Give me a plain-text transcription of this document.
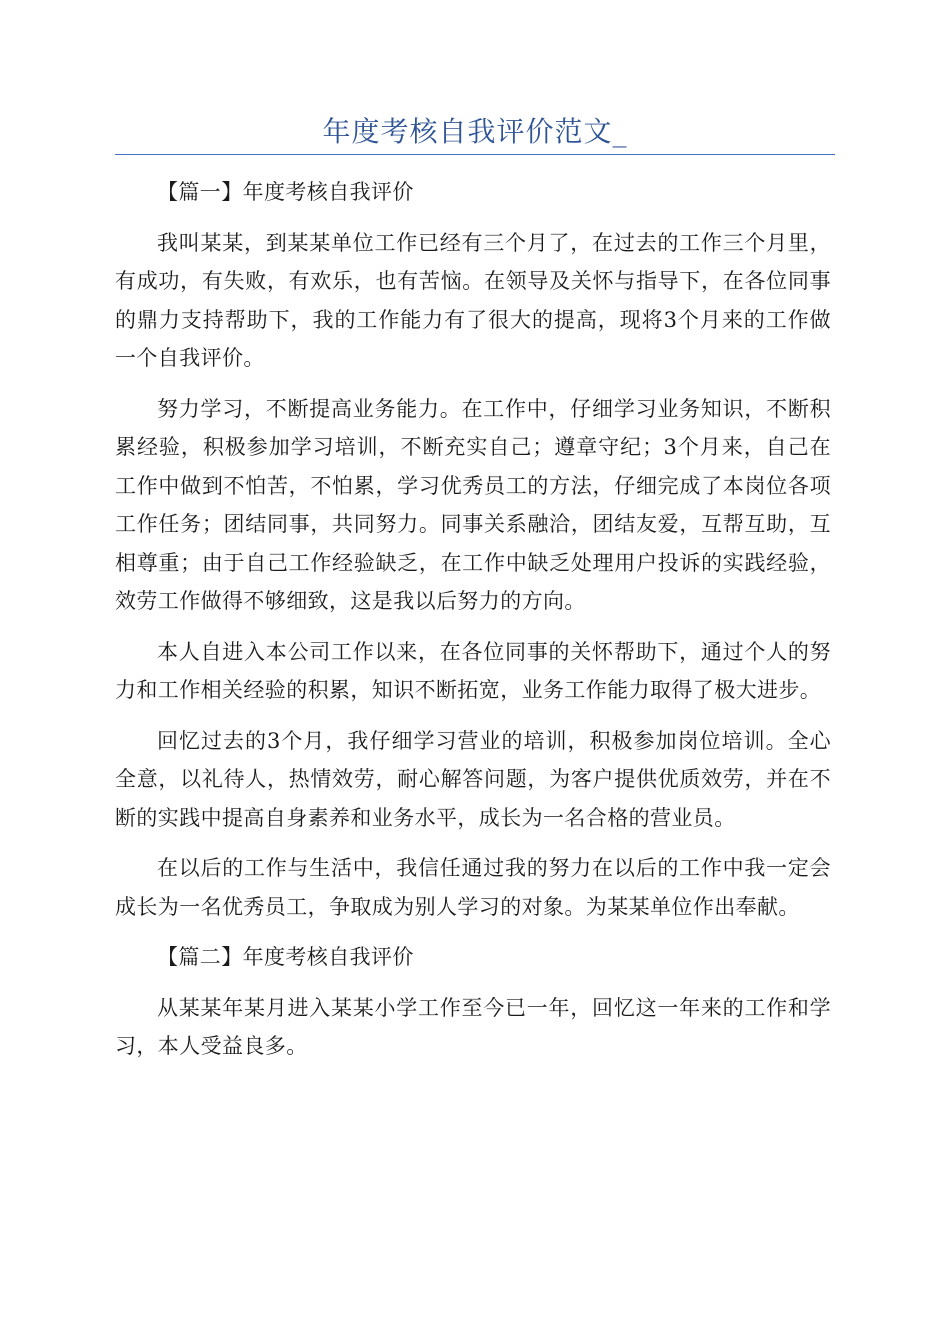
年度考核自我评价范文_

【篇一】年度考核自我评价

我叫某某，到某某单位工作已经有三个月了，在过去的工作三个月里，有成功，有失败，有欢乐，也有苦恼。在领导及关怀与指导下，在各位同事的鼎力支持帮助下，我的工作能力有了很大的提高，现将3个月来的工作做一个自我评价。

努力学习，不断提高业务能力。在工作中，仔细学习业务知识，不断积累经验，积极参加学习培训，不断充实自己；遵章守纪；3个月来，自己在工作中做到不怕苦，不怕累，学习优秀员工的方法，仔细完成了本岗位各项工作任务；团结同事，共同努力。同事关系融洽，团结友爱，互帮互助，互相尊重；由于自己工作经验缺乏，在工作中缺乏处理用户投诉的实践经验，效劳工作做得不够细致，这是我以后努力的方向。

本人自进入本公司工作以来，在各位同事的关怀帮助下，通过个人的努力和工作相关经验的积累，知识不断拓宽，业务工作能力取得了极大进步。

回忆过去的3个月，我仔细学习营业的培训，积极参加岗位培训。全心全意，以礼待人，热情效劳，耐心解答问题，为客户提供优质效劳，并在不断的实践中提高自身素养和业务水平，成长为一名合格的营业员。

在以后的工作与生活中，我信任通过我的努力在以后的工作中我一定会成长为一名优秀员工，争取成为别人学习的对象。为某某单位作出奉献。

【篇二】年度考核自我评价

从某某年某月进入某某小学工作至今已一年，回忆这一年来的工作和学习，本人受益良多。
